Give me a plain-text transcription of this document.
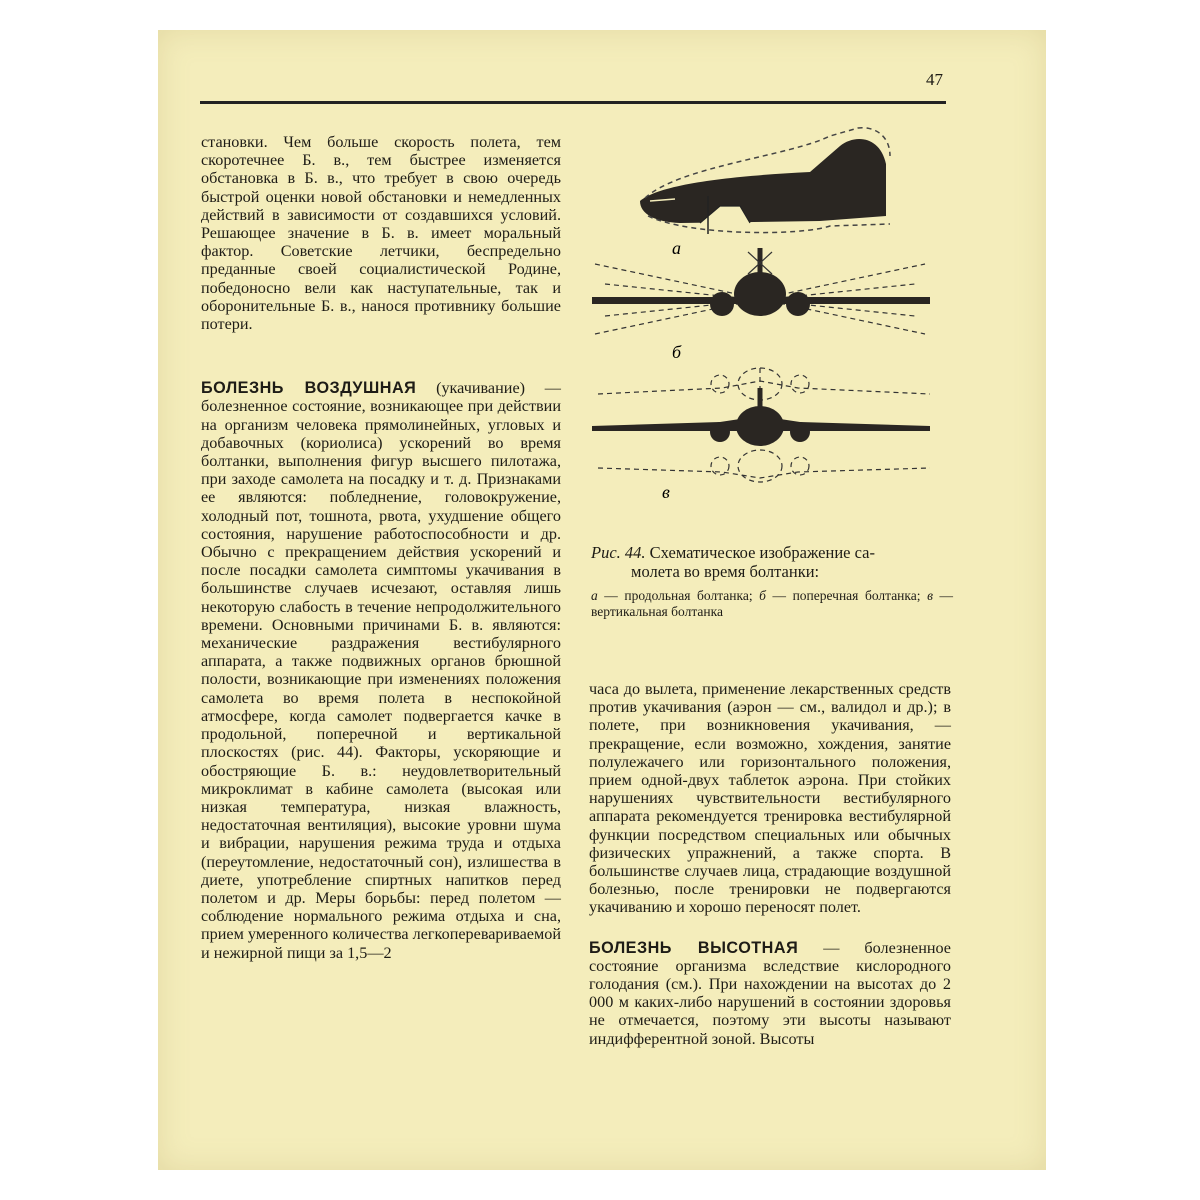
47

становки. Чем больше скорость полета, тем скоротечнее Б. в., тем быстрее изменяется обстановка в Б. в., что требует в свою очередь быстрой оценки новой обстановки и немедленных действий в зависимости от создавшихся условий. Решающее значение в Б. в. имеет моральный фактор. Советские летчики, беспредельно преданные своей социалистической Родине, победоносно вели как наступательные, так и оборонительные Б. в., нанося противнику большие потери.

БОЛЕЗНЬ ВОЗДУШНАЯ (укачивание) — болезненное состояние, возникающее при действии на организм человека прямолинейных, угловых и добавочных (кориолиса) ускорений во время болтанки, выполнения фигур высшего пилотажа, при заходе самолета на посадку и т. д. Признаками ее являются: побледнение, головокружение, холодный пот, тошнота, рвота, ухудшение общего состояния, нарушение работоспособности и др. Обычно с прекращением действия ускорений и после посадки самолета симптомы укачивания в большинстве случаев исчезают, оставляя лишь некоторую слабость в течение непродолжительного времени. Основными причинами Б. в. являются: механические раздражения вестибулярного аппарата, а также подвижных органов брюшной полости, возникающие при изменениях положения самолета во время полета в неспокойной атмосфере, когда самолет подвергается качке в продольной, поперечной и вертикальной плоскостях (рис. 44). Факторы, ускоряющие и обостряющие Б. в.: неудовлетворительный микроклимат в кабине самолета (высокая или низкая температура, низкая влажность, недостаточная вентиляция), высокие уровни шума и вибрации, нарушения режима труда и отдыха (переутомление, недостаточный сон), излишества в диете, употребление спиртных напитков перед полетом и др. Меры борьбы: перед полетом — соблюдение нормального режима отдыха и сна, прием умеренного количества легкоперевариваемой и нежирной пищи за 1,5—2

а
б
в
Рис. 44. Схематическое изображение са-
молета во время болтанки:
а — продольная болтанка; б — поперечная болтанка; в — вертикальная болтанка

часа до вылета, применение лекарственных средств против укачивания (аэрон — см., валидол и др.); в полете, при возникновения укачивания, — прекращение, если возможно, хождения, занятие полулежачего или горизонтального положения, прием одной-двух таблеток аэрона. При стойких нарушениях чувствительности вестибулярного аппарата рекомендуется тренировка вестибулярной функции посредством специальных или обычных физических упражнений, а также спорта. В большинстве случаев лица, страдающие воздушной болезнью, после тренировки не подвергаются укачиванию и хорошо переносят полет.

БОЛЕЗНЬ ВЫСОТНАЯ — болезненное состояние организма вследствие кислородного голодания (см.). При нахождении на высотах до 2 000 м каких-либо нарушений в состоянии здоровья не отмечается, поэтому эти высоты называют индифферентной зоной. Высоты
